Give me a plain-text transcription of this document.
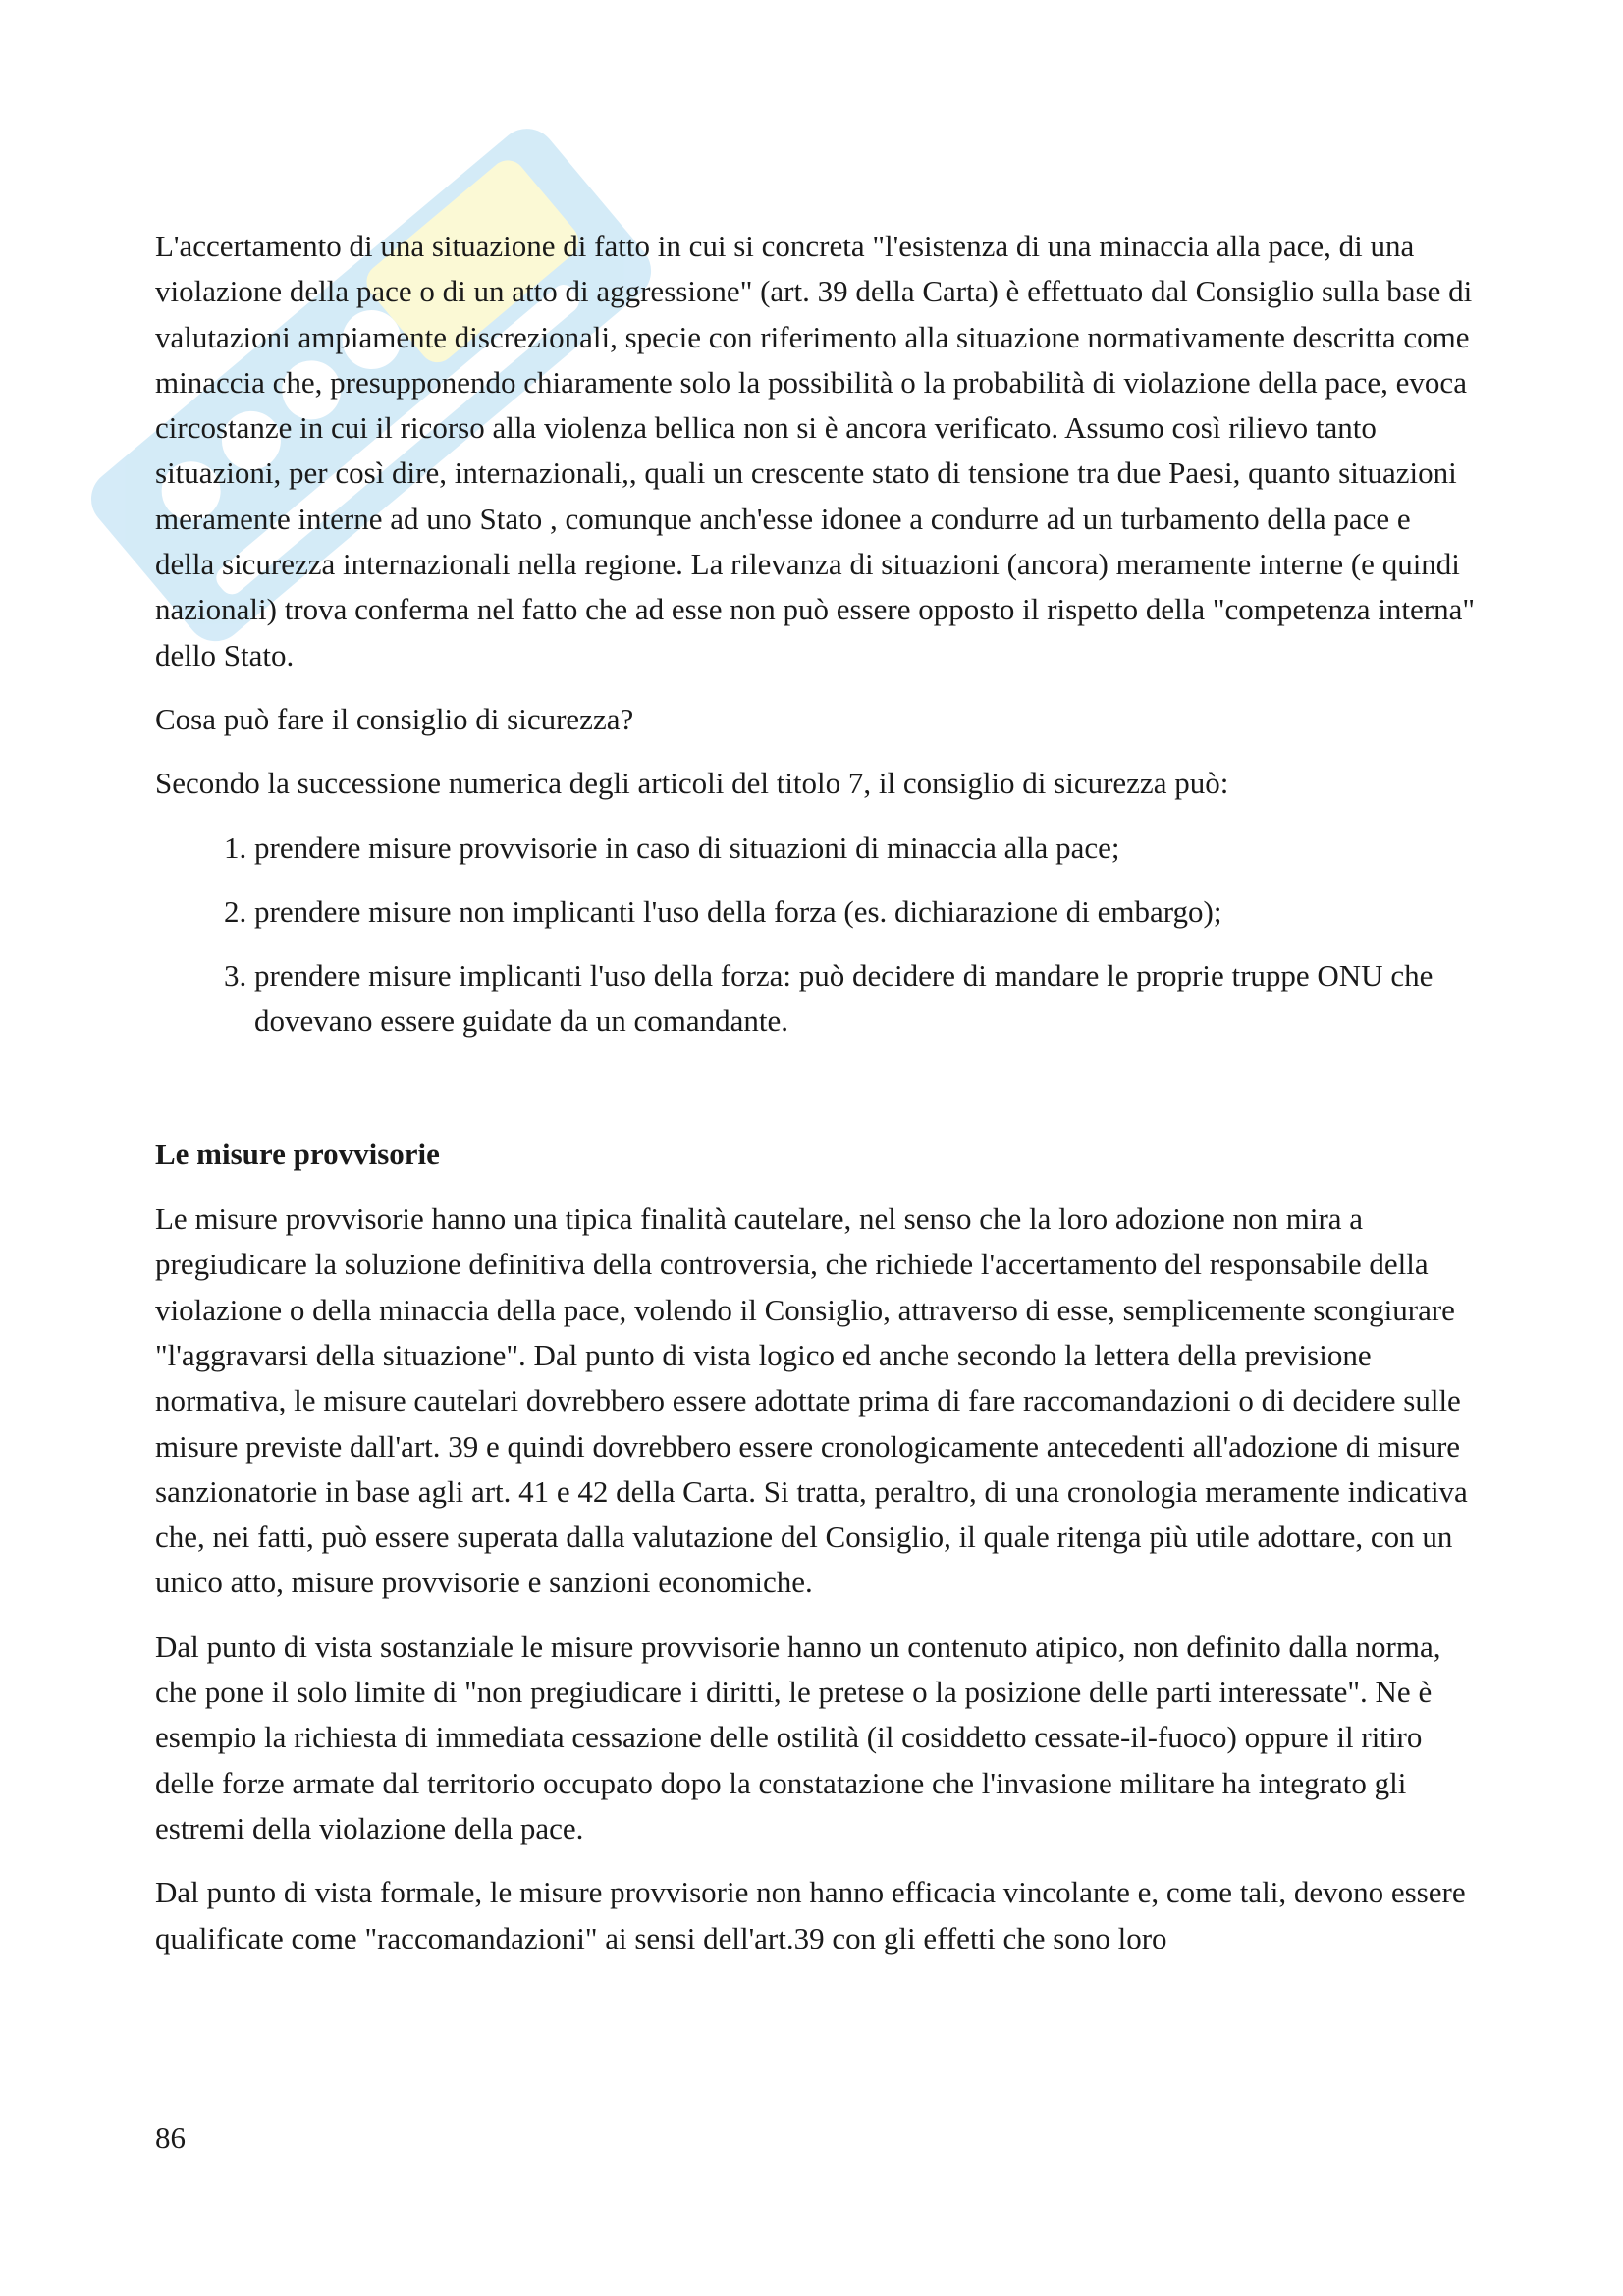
L'accertamento di una situazione di fatto in cui si concreta "l'esistenza di una minaccia alla pace, di una violazione della pace o di un atto di aggressione" (art. 39 della Carta) è effettuato dal Consiglio sulla base di valutazioni ampiamente discrezionali, specie con riferimento alla situazione normativamente descritta come minaccia che, presupponendo chiaramente solo la possibilità o la probabilità di violazione della pace, evoca circostanze in cui il ricorso alla violenza bellica non si è ancora verificato. Assumo così rilievo tanto situazioni, per così dire, internazionali,, quali un crescente stato di tensione tra due Paesi, quanto situazioni meramente interne ad uno Stato , comunque anch'esse idonee a condurre ad un turbamento della pace e della sicurezza internazionali nella regione. La rilevanza di situazioni (ancora) meramente interne (e quindi nazionali) trova conferma nel fatto che ad esse non può essere opposto il rispetto della "competenza interna" dello Stato.

Cosa può fare il consiglio di sicurezza?

Secondo la successione numerica degli articoli del titolo 7, il consiglio di sicurezza può:

1. prendere misure provvisorie in caso di situazioni di minaccia alla pace;
2. prendere misure non implicanti l'uso della forza (es. dichiarazione di embargo);
3. prendere misure implicanti l'uso della forza: può decidere di mandare le proprie truppe ONU che dovevano essere guidate da un comandante.
Le misure provvisorie

Le misure provvisorie hanno una tipica finalità cautelare, nel senso che la loro adozione non mira a pregiudicare la soluzione definitiva della controversia, che richiede l'accertamento del responsabile della violazione o della minaccia della pace, volendo il Consiglio, attraverso di esse, semplicemente scongiurare "l'aggravarsi della situazione". Dal punto di vista logico ed anche secondo la lettera della previsione normativa, le misure cautelari dovrebbero essere adottate prima di fare raccomandazioni o di decidere sulle misure previste dall'art. 39 e quindi dovrebbero essere cronologicamente antecedenti all'adozione di misure sanzionatorie in base agli art. 41 e 42 della Carta. Si tratta, peraltro, di una cronologia meramente indicativa che, nei fatti, può essere superata dalla valutazione del Consiglio, il quale ritenga più utile adottare, con un unico atto, misure provvisorie e sanzioni economiche.

Dal punto di vista sostanziale le misure provvisorie hanno un contenuto atipico, non definito dalla norma, che pone il solo limite di "non pregiudicare i diritti, le pretese o la posizione delle parti interessate". Ne è esempio la richiesta di immediata cessazione delle ostilità (il cosiddetto cessate-il-fuoco) oppure il ritiro delle forze armate dal territorio occupato dopo la constatazione che l'invasione militare ha integrato gli estremi della violazione della pace.

Dal punto di vista formale, le misure provvisorie non hanno efficacia vincolante e, come tali, devono essere qualificate come "raccomandazioni" ai sensi dell'art.39 con gli effetti che sono loro

86
